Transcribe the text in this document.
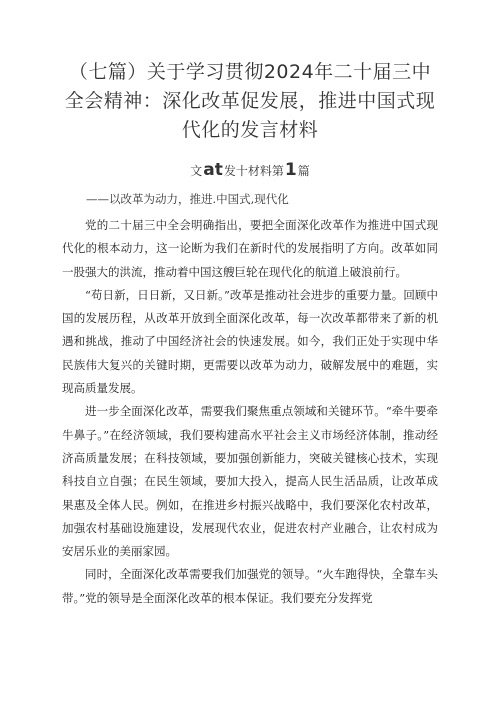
（七篇）关于学习贯彻2024年二十届三中
全会精神：深化改革促发展，推进中国式现
代化的发言材料
文at发十材料第1篇
——以改革为动力，推进.中国式,现代化

党的二十届三中全会明确指出，要把全面深化改革作为推进中国式现代化的根本动力，这一论断为我们在新时代的发展指明了方向。改革如同一股强大的洪流，推动着中国这艘巨轮在现代化的航道上破浪前行。

“苟日新，日日新，又日新。”改革是推动社会进步的重要力量。回顾中国的发展历程，从改革开放到全面深化改革，每一次改革都带来了新的机遇和挑战，推动了中国经济社会的快速发展。如今，我们正处于实现中华民族伟大复兴的关键时期，更需要以改革为动力，破解发展中的难题，实现高质量发展。

进一步全面深化改革，需要我们聚焦重点领域和关键环节。“牵牛要牵牛鼻子。”在经济领域，我们要构建高水平社会主义市场经济体制，推动经济高质量发展；在科技领域，要加强创新能力，突破关键核心技术，实现科技自立自强；在民生领域，要加大投入，提高人民生活品质，让改革成果惠及全体人民。例如，在推进乡村振兴战略中，我们要深化农村改革，加强农村基础设施建设，发展现代农业，促进农村产业融合，让农村成为安居乐业的美丽家园。

同时，全面深化改革需要我们加强党的领导。“火车跑得快，全靠车头带。”党的领导是全面深化改革的根本保证。我们要充分发挥党
